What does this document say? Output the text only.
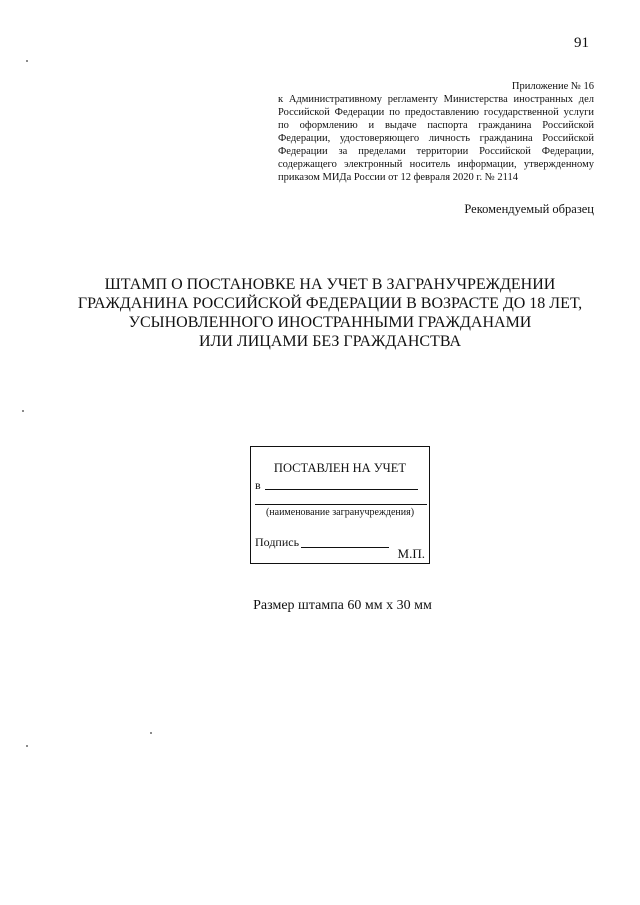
91
Приложение № 16
к Административному регламенту Министерства иностранных дел Российской Федерации по предоставлению государственной услуги по оформлению и выдаче паспорта гражданина Российской Федерации, удостоверяющего личность гражданина Российской Федерации за пределами территории Российской Федерации, содержащего электронный носитель информации, утвержденному приказом МИДа России от 12 февраля 2020 г. № 2114
Рекомендуемый образец
ШТАМП О ПОСТАНОВКЕ НА УЧЕТ В ЗАГРАНУЧРЕЖДЕНИИ
ГРАЖДАНИНА РОССИЙСКОЙ ФЕДЕРАЦИИ В ВОЗРАСТЕ ДО 18 ЛЕТ,
УСЫНОВЛЕННОГО ИНОСТРАННЫМИ ГРАЖДАНАМИ
ИЛИ ЛИЦАМИ БЕЗ ГРАЖДАНСТВА
ПОСТАВЛЕН НА УЧЕТ
в
(наименование загранучреждения)
Подпись
М.П.
Размер штампа 60 мм х 30 мм
